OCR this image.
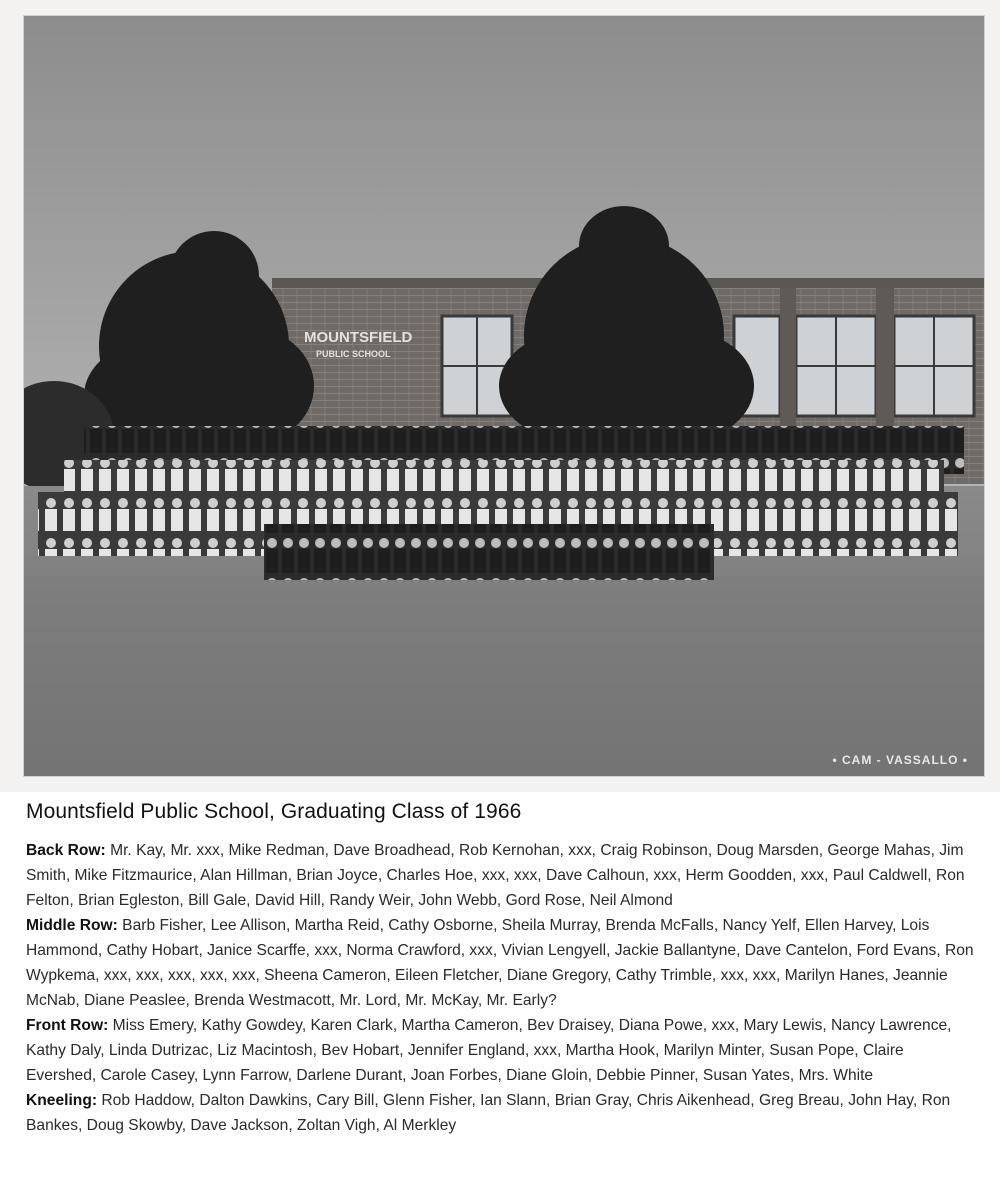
MOUNTSFIELD
PUBLIC SCHOOL
• CAM - VASSALLO •
Mountsfield Public School, Graduating Class of 1966

Back Row: Mr. Kay, Mr. xxx, Mike Redman, Dave Broadhead, Rob Kernohan, xxx, Craig Robinson, Doug Marsden, George Mahas, Jim Smith, Mike Fitzmaurice, Alan Hillman, Brian Joyce, Charles Hoe, xxx, xxx, Dave Calhoun, xxx, Herm Goodden, xxx, Paul Caldwell, Ron Felton, Brian Egleston, Bill Gale, David Hill, Randy Weir, John Webb, Gord Rose, Neil Almond

Middle Row: Barb Fisher, Lee Allison, Martha Reid, Cathy Osborne, Sheila Murray, Brenda McFalls, Nancy Yelf, Ellen Harvey, Lois Hammond, Cathy Hobart, Janice Scarffe, xxx, Norma Crawford, xxx, Vivian Lengyell, Jackie Ballantyne, Dave Cantelon, Ford Evans, Ron Wypkema, xxx, xxx, xxx, xxx, xxx, Sheena Cameron, Eileen Fletcher, Diane Gregory, Cathy Trimble, xxx, xxx, Marilyn Hanes, Jeannie McNab, Diane Peaslee, Brenda Westmacott, Mr. Lord, Mr. McKay, Mr. Early?

Front Row: Miss Emery, Kathy Gowdey, Karen Clark, Martha Cameron, Bev Draisey, Diana Powe, xxx, Mary Lewis, Nancy Lawrence, Kathy Daly, Linda Dutrizac, Liz Macintosh, Bev Hobart, Jennifer England, xxx, Martha Hook, Marilyn Minter, Susan Pope, Claire Evershed, Carole Casey, Lynn Farrow, Darlene Durant, Joan Forbes, Diane Gloin, Debbie Pinner, Susan Yates, Mrs. White

Kneeling: Rob Haddow, Dalton Dawkins, Cary Bill, Glenn Fisher, Ian Slann, Brian Gray, Chris Aikenhead, Greg Breau, John Hay, Ron Bankes, Doug Skowby, Dave Jackson, Zoltan Vigh, Al Merkley
